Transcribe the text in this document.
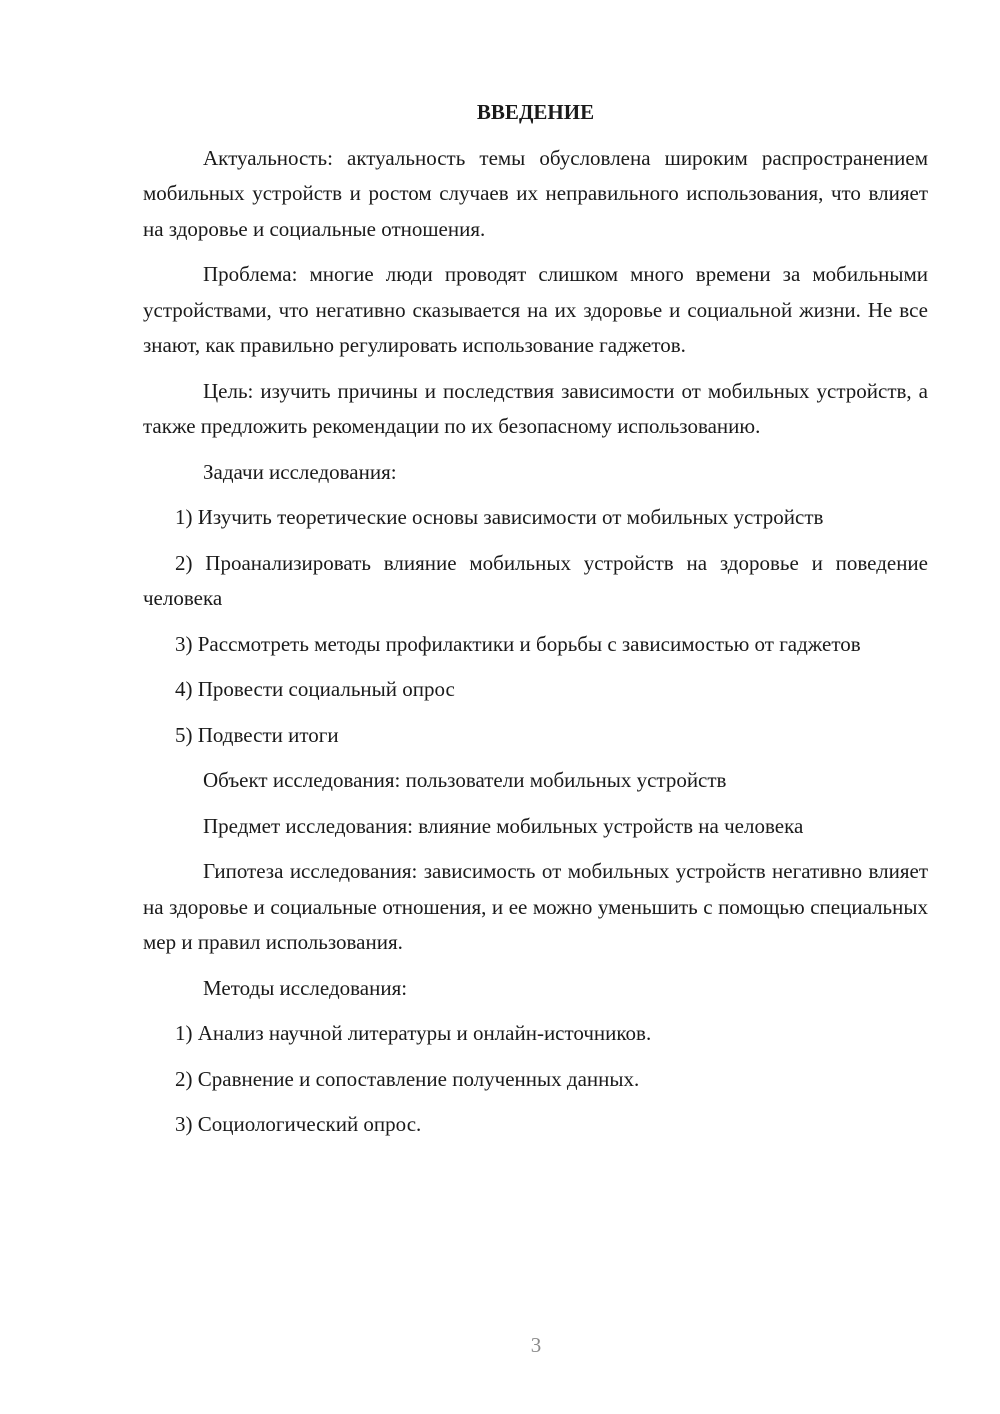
ВВЕДЕНИЕ

Актуальность: актуальность темы обусловлена широким распространением мобильных устройств и ростом случаев их неправильного использования, что влияет на здоровье и социальные отношения.

Проблема: многие люди проводят слишком много времени за мобильными устройствами, что негативно сказывается на их здоровье и социальной жизни. Не все знают, как правильно регулировать использование гаджетов.

Цель: изучить причины и последствия зависимости от мобильных устройств, а также предложить рекомендации по их безопасному использованию.

Задачи исследования:

1) Изучить теоретические основы зависимости от мобильных устройств

2) Проанализировать влияние мобильных устройств на здоровье и поведение человека

3) Рассмотреть методы профилактики и борьбы с зависимостью от гаджетов

4) Провести социальный опрос

5) Подвести итоги

Объект исследования: пользователи мобильных устройств

Предмет исследования: влияние мобильных устройств на человека

Гипотеза исследования: зависимость от мобильных устройств негативно влияет на здоровье и социальные отношения, и ее можно уменьшить с помощью специальных мер и правил использования.

Методы исследования:

1) Анализ научной литературы и онлайн-источников.

2) Сравнение и сопоставление полученных данных.

3) Социологический опрос.

3
